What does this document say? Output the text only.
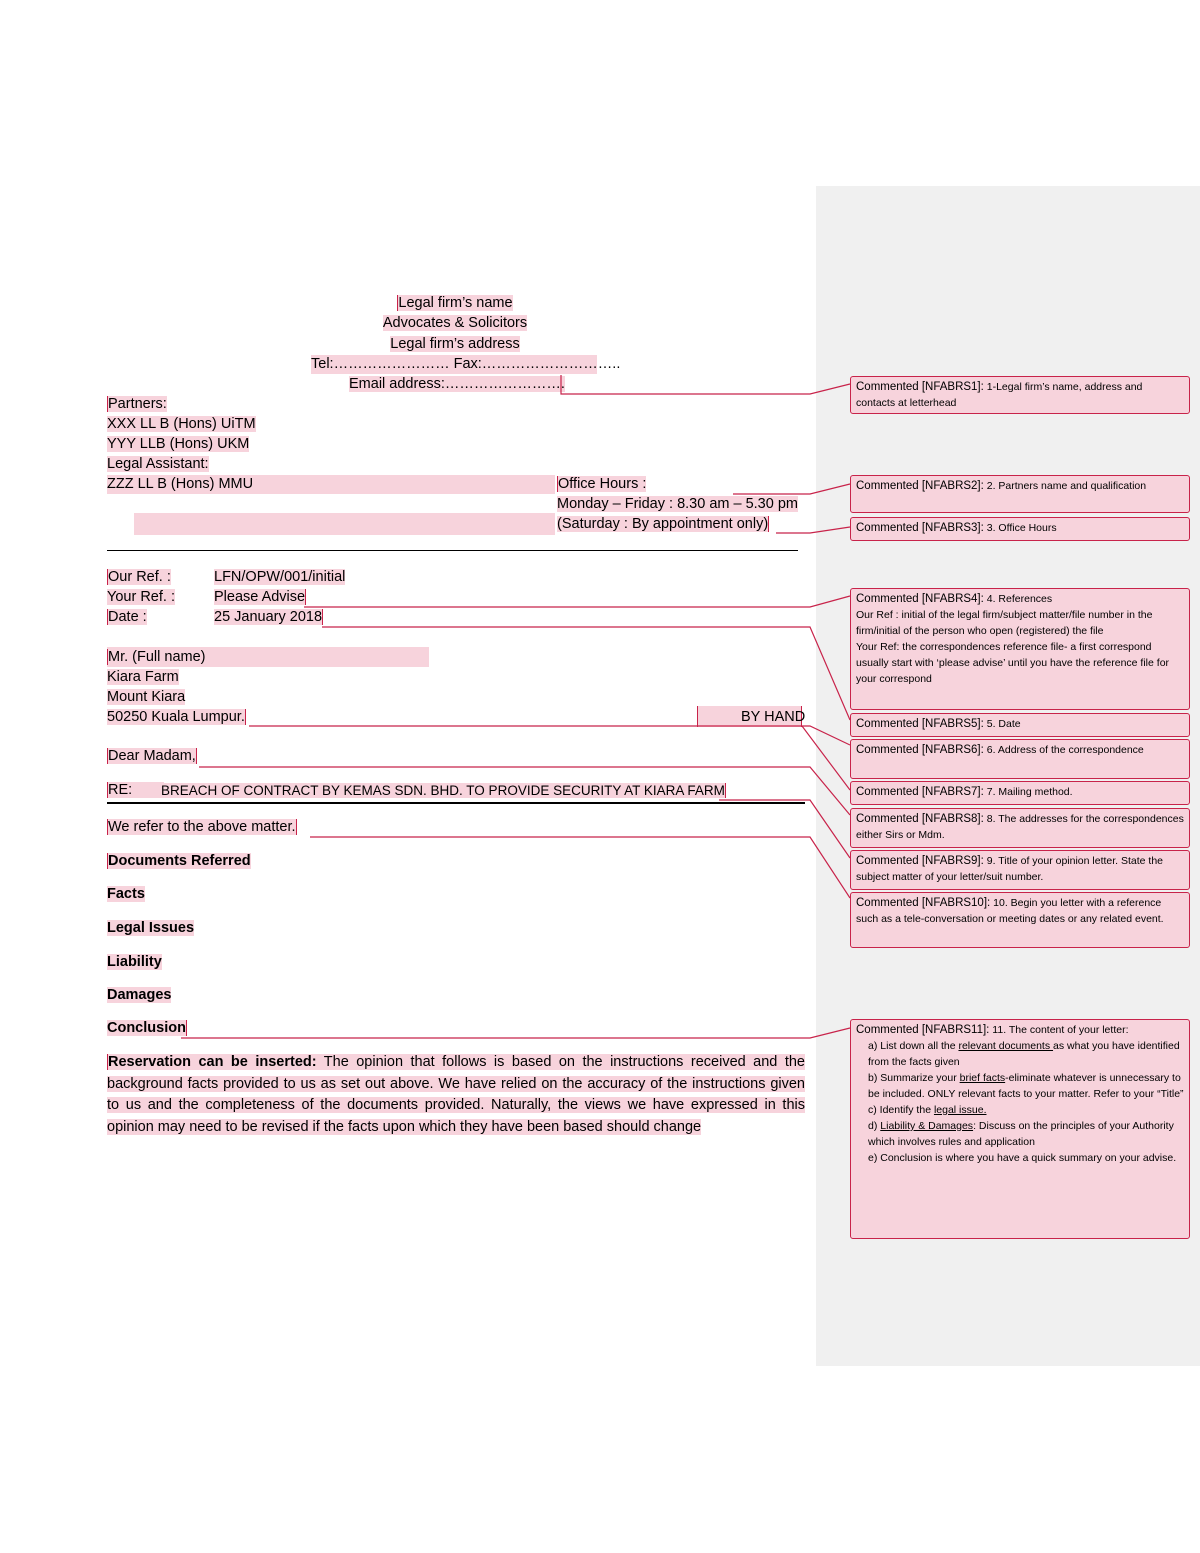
Legal firm’s name
Advocates & Solicitors
Legal firm’s address
Tel:…………………… Fax:………………………..
Email address:…………………….
Partners:
XXX LL B (Hons) UiTM
YYY LLB (Hons) UKM
Legal Assistant:
ZZZ LL B (Hons) MMU	Office Hours :
Monday – Friday : 8.30 am – 5.30 pm
(Saturday : By appointment only)
Our Ref. :	LFN/OPW/001/initial
Your Ref. :	Please Advise
Date :	25 January 2018
Mr. (Full name)
Kiara Farm
Mount Kiara
50250 Kuala Lumpur.	BY HAND
Dear Madam,
RE:	BREACH OF CONTRACT BY KEMAS SDN. BHD. TO PROVIDE SECURITY AT KIARA FARM
We refer to the above matter.
Documents Referred
Facts
Legal Issues
Liability
Damages
Conclusion
Reservation can be inserted: The opinion that follows is based on the instructions received and the background facts provided to us as set out above. We have relied on the accuracy of the instructions given to us and the completeness of the documents provided. Naturally, the views we have expressed in this opinion may need to be revised if the facts upon which they have been based should change
Commented [NFABRS1]: 1-Legal firm’s name, address and contacts at letterhead
Commented [NFABRS2]: 2. Partners name and qualification
Commented [NFABRS3]: 3. Office Hours
Commented [NFABRS4]: 4. References
Our Ref : initial of the legal firm/subject matter/file number in the firm/initial of the person who open (registered) the file
Your Ref: the correspondences reference file- a first correspond usually start with ‘please advise’ until you have the reference file for your correspond
Commented [NFABRS5]: 5. Date
Commented [NFABRS6]: 6. Address of the correspondence
Commented [NFABRS7]: 7. Mailing method.
Commented [NFABRS8]: 8. The addresses for the correspondences either Sirs or Mdm.
Commented [NFABRS9]: 9. Title of your opinion letter. State the subject matter of your letter/suit number.
Commented [NFABRS10]: 10. Begin you letter with a reference such as a tele-conversation or meeting dates or any related event.
Commented [NFABRS11]: 11. The content of your letter:
a) List down all the relevant documents as what you have identified from the facts given
b) Summarize your brief facts-eliminate whatever is unnecessary to be included. ONLY relevant facts to your matter. Refer to your “Title”
c) Identify the legal issue.
d) Liability & Damages: Discuss on the principles of your Authority which involves rules and application
e) Conclusion is where you have a quick summary on your advise.
